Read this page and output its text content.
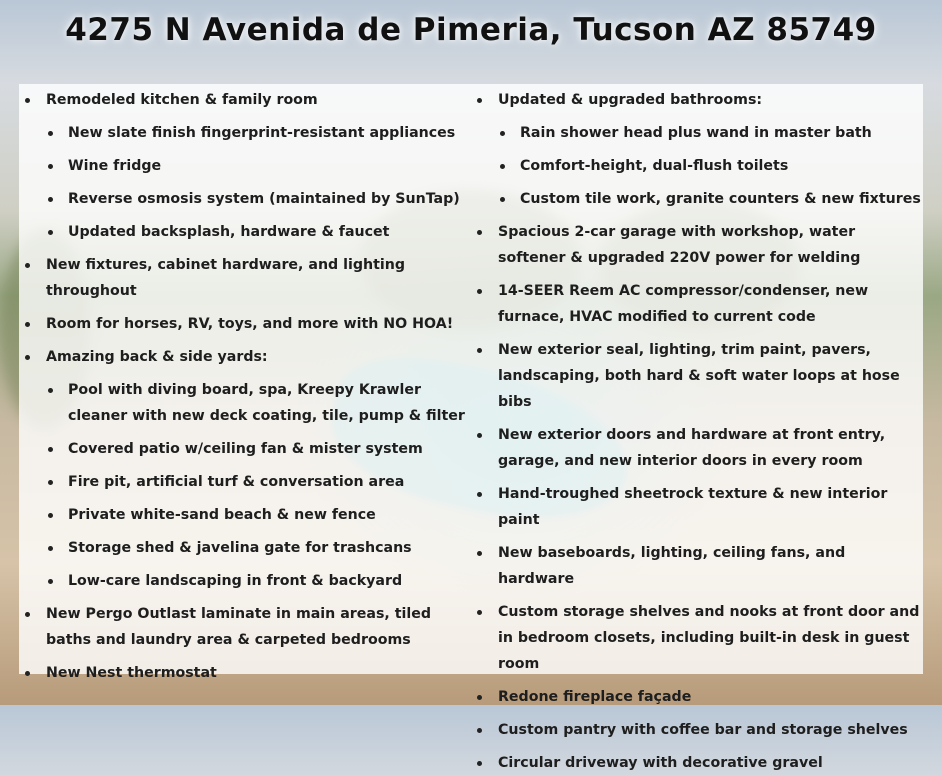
4275 N Avenida de Pimeria, Tucson AZ 85749
Remodeled kitchen & family room
New slate finish fingerprint-resistant appliances
Wine fridge
Reverse osmosis system (maintained by SunTap)
Updated backsplash, hardware & faucet
New fixtures, cabinet hardware, and lighting throughout
Room for horses, RV, toys, and more with NO HOA!
Amazing back & side yards:
Pool with diving board, spa, Kreepy Krawler cleaner with new deck coating, tile, pump & filter
Covered patio w/ceiling fan & mister system
Fire pit, artificial turf & conversation area
Private white-sand beach & new fence
Storage shed & javelina gate for trashcans
Low-care landscaping in front & backyard
New Pergo Outlast laminate in main areas, tiled baths and laundry area & carpeted bedrooms
New Nest thermostat
Updated & upgraded bathrooms:
Rain shower head plus wand in master bath
Comfort-height, dual-flush toilets
Custom tile work, granite counters & new fixtures
Spacious 2-car garage with workshop, water softener & upgraded 220V power for welding
14-SEER Reem AC compressor/condenser, new furnace, HVAC modified to current code
New exterior seal, lighting, trim paint, pavers, landscaping, both hard & soft water loops at hose bibs
New exterior doors and hardware at front entry, garage, and new interior doors in every room
Hand-troughed sheetrock texture & new interior paint
New baseboards, lighting, ceiling fans, and hardware
Custom storage shelves and nooks at front door and in bedroom closets, including built-in desk in guest room
Redone fireplace façade
Custom pantry with coffee bar and storage shelves
Circular driveway with decorative gravel
